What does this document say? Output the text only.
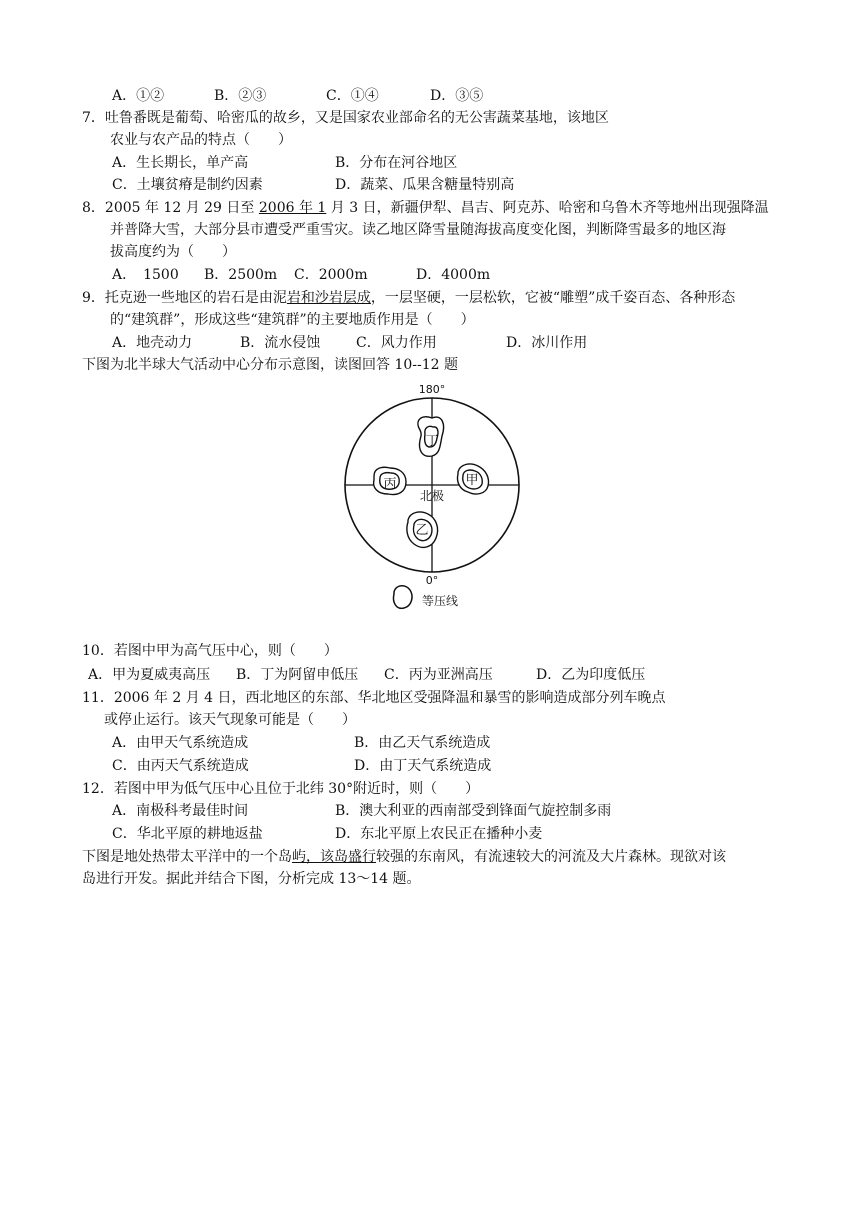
A．①②	B．②③	C．①④	D．③⑤
7．吐鲁番既是葡萄、哈密瓜的故乡，又是国家农业部命名的无公害蔬菜基地，该地区
农业与农产品的特点（　　）
A．生长期长，单产高	B．分布在河谷地区
C．土壤贫瘠是制约因素	D．蔬菜、瓜果含糖量特别高
8．2005 年 12 月 29 日至 2006 年 1 月 3 日，新疆伊犁、昌吉、阿克苏、哈密和乌鲁木齐等地州出现强降温
并普降大雪，大部分县市遭受严重雪灾。读乙地区降雪量随海拔高度变化图，判断降雪最多的地区海
拔高度约为（　　）
A．　1500 B．2500m C．2000m	D．4000m
9．托克逊一些地区的岩石是由泥岩和沙岩层成，一层坚硬，一层松软，它被“雕塑”成千姿百态、各种形态
的“建筑群”，形成这些“建筑群”的主要地质作用是（　　）
A．地壳动力	B．流水侵蚀	C．风力作用	D．冰川作用
下图为北半球大气活动中心分布示意图，读图回答 10--12 题
180°
0°
丁
丙	甲
乙
北极
等压线
10．若图中甲为高气压中心，则（　　）
A．甲为夏威夷高压 B．丁为阿留申低压 C．丙为亚洲高压	D．乙为印度低压
11．2006 年 2 月 4 日，西北地区的东部、华北地区受强降温和暴雪的影响造成部分列车晚点
或停止运行。该天气现象可能是（　　）
A．由甲天气系统造成	B．由乙天气系统造成
C．由丙天气系统造成	D．由丁天气系统造成
12．若图中甲为低气压中心且位于北纬 30°附近时，则（　　）
A．南极科考最佳时间	B．澳大利亚的西南部受到锋面气旋控制多雨
C．华北平原的耕地返盐	D．东北平原上农民正在播种小麦
下图是地处热带太平洋中的一个岛屿，该岛盛行较强的东南风，有流速较大的河流及大片森林。现欲对该
岛进行开发。据此并结合下图，分析完成 13～14 题。
